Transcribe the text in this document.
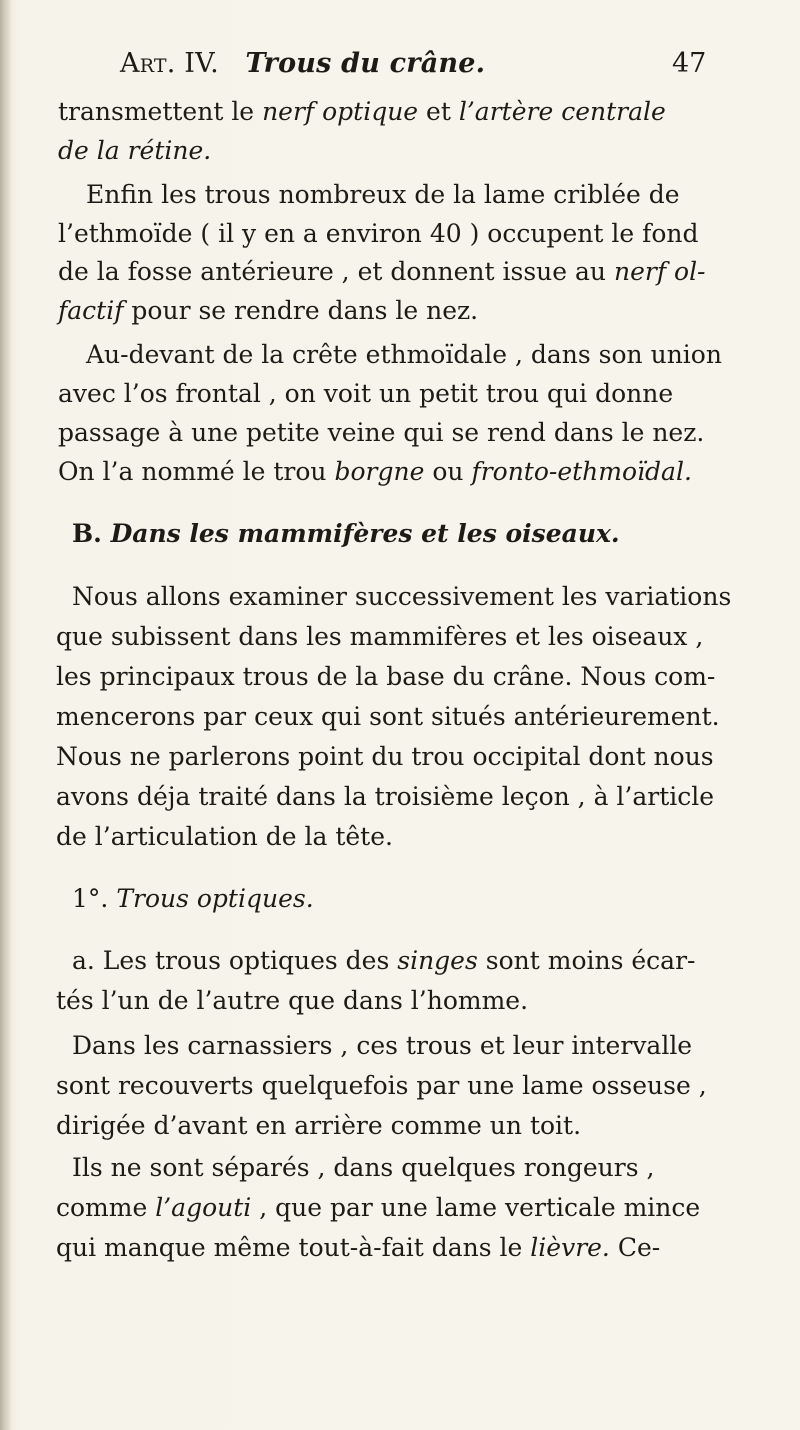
Art. IV. Trous du crâne.	47
transmettent le nerf optique et l’artère centrale
de la rétine.
Enfin les trous nombreux de la lame criblée de
l’ethmoïde ( il y en a environ 40 ) occupent le fond
de la fosse antérieure , et donnent issue au nerf ol-
factif pour se rendre dans le nez.
Au-devant de la crête ethmoïdale , dans son union
avec l’os frontal , on voit un petit trou qui donne
passage à une petite veine qui se rend dans le nez.
On l’a nommé le trou borgne ou fronto-ethmoïdal.
B. Dans les mammifères et les oiseaux.
Nous allons examiner successivement les variations
que subissent dans les mammifères et les oiseaux ,
les principaux trous de la base du crâne. Nous com-
mencerons par ceux qui sont situés antérieurement.
Nous ne parlerons point du trou occipital dont nous
avons déja traité dans la troisième leçon , à l’article
de l’articulation de la tête.
1°. Trous optiques.
a. Les trous optiques des singes sont moins écar-
tés l’un de l’autre que dans l’homme.
Dans les carnassiers , ces trous et leur intervalle
sont recouverts quelquefois par une lame osseuse ,
dirigée d’avant en arrière comme un toit.
Ils ne sont séparés , dans quelques rongeurs ,
comme l’agouti , que par une lame verticale mince
qui manque même tout-à-fait dans le lièvre. Ce-
